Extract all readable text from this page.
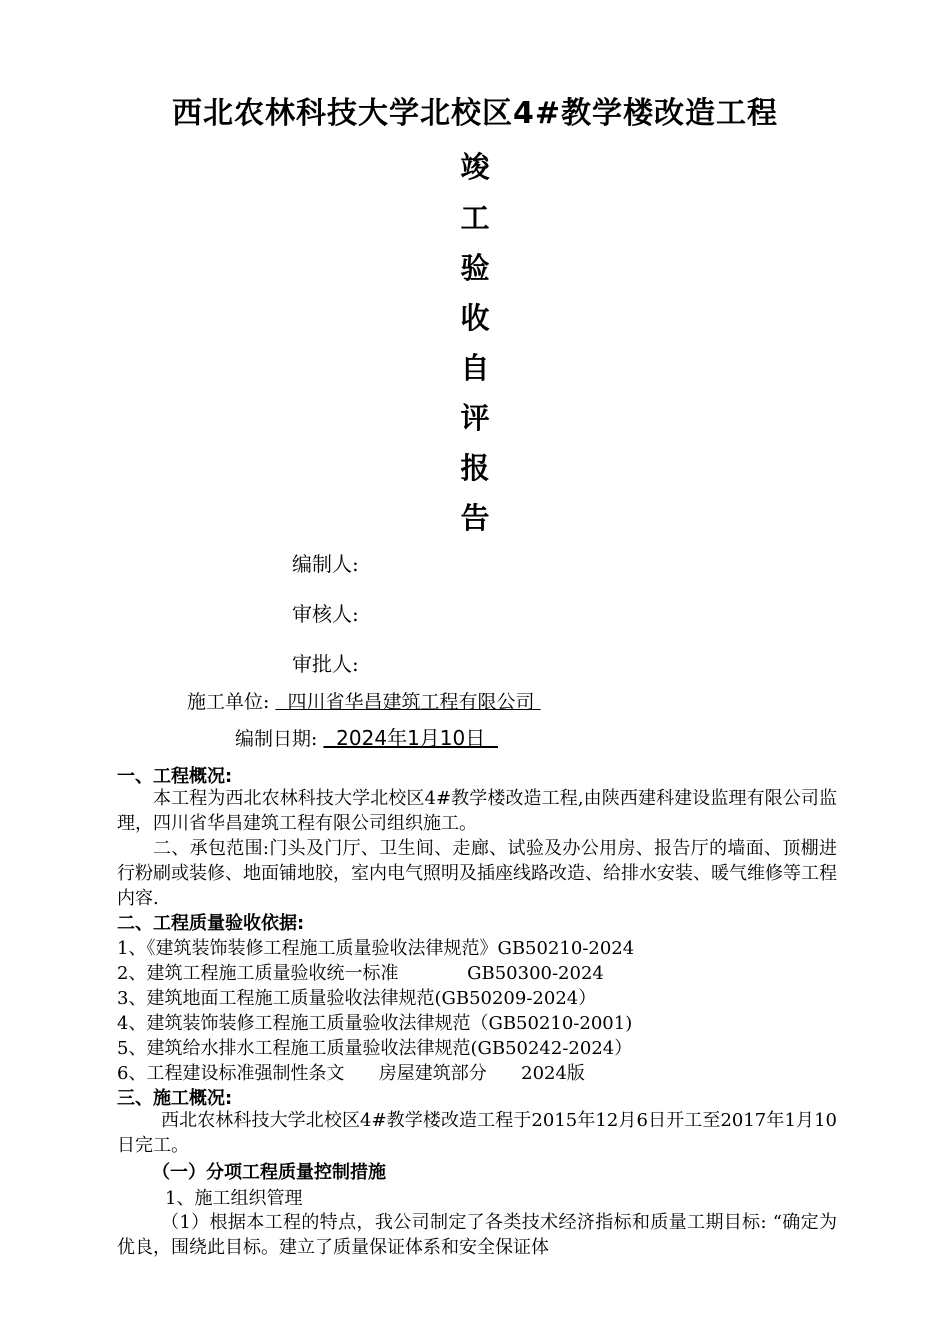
西北农林科技大学北校区4#教学楼改造工程
竣
工
验
收
自
评
报
告
编制人:
审核人:
审批人:
施工单位:   四川省华昌建筑工程有限公司
编制日期:   2024年1月10日
一、工程概况:
本工程为西北农林科技大学北校区4#教学楼改造工程,由陕西建科建设监理有限公司监理，四川省华昌建筑工程有限公司组织施工。
二、承包范围:门头及门厅、卫生间、走廊、试验及办公用房、报告厅的墙面、顶棚进行粉刷或装修、地面铺地胶，室内电气照明及插座线路改造、给排水安装、暖气维修等工程内容.
二、工程质量验收依据:
1、《建筑装饰装修工程施工质量验收法律规范》GB50210-2024
2、建筑工程施工质量验收统一标准            GB50300-2024
3、建筑地面工程施工质量验收法律规范(GB50209-2024）
4、建筑装饰装修工程施工质量验收法律规范（GB50210-2001)
5、建筑给水排水工程施工质量验收法律规范(GB50242-2024）
6、工程建设标准强制性条文      房屋建筑部分      2024版
三、施工概况:
西北农林科技大学北校区4#教学楼改造工程于2015年12月6日开工至2017年1月10日完工。
（一）分项工程质量控制措施
1、施工组织管理
（1）根据本工程的特点，我公司制定了各类技术经济指标和质量工期目标: “确定为优良，围绕此目标。建立了质量保证体系和安全保证体
